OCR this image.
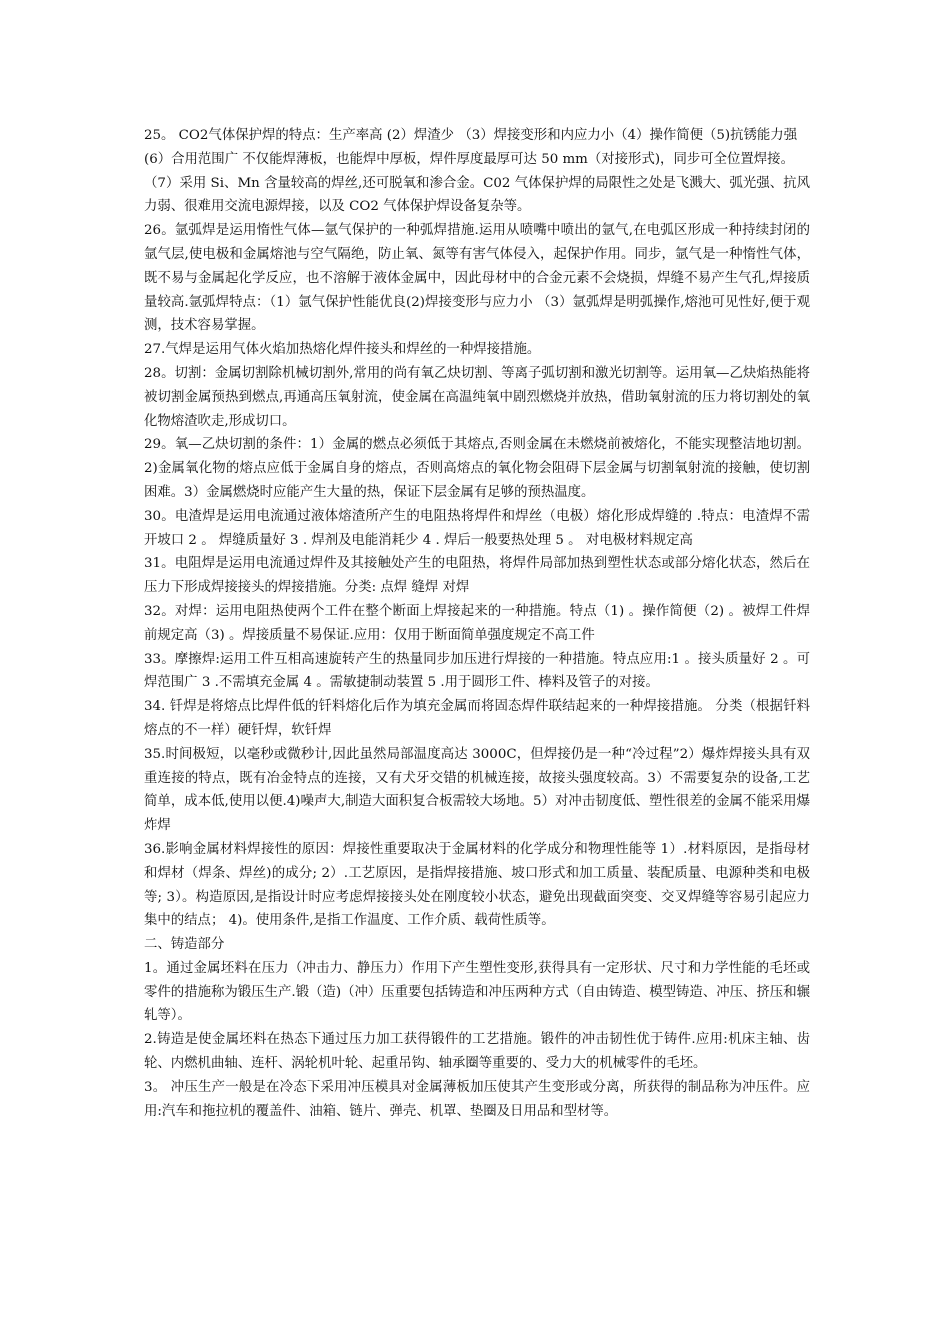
25。 CO2气体保护焊的特点：生产率高 (2）焊渣少 （3）焊接变形和内应力小（4）操作简便（5)抗锈能力强

(6）合用范围广 不仅能焊薄板，也能焊中厚板，焊件厚度最厚可达 50 mm（对接形式)，同步可全位置焊接。

（7）采用 Si、Mn 含量较高的焊丝,还可脱氧和渗合金。C02 气体保护焊的局限性之处是飞溅大、弧光强、抗风力弱、很难用交流电源焊接，以及 CO2 气体保护焊设备复杂等。

26。氩弧焊是运用惰性气体—氩气保护的一种弧焊措施.运用从喷嘴中喷出的氩气,在电弧区形成一种持续封闭的氩气层,使电极和金属熔池与空气隔绝，防止氧、氮等有害气体侵入，起保护作用。同步，氩气是一种惰性气体，既不易与金属起化学反应，也不溶解于液体金属中，因此母材中的合金元素不会烧损，焊缝不易产生气孔,焊接质量较高.氩弧焊特点：（1）氩气保护性能优良(2)焊接变形与应力小 （3）氩弧焊是明弧操作,熔池可见性好,便于观测，技术容易掌握。

27.气焊是运用气体火焰加热熔化焊件接头和焊丝的一种焊接措施。

28。切割：金属切割除机械切割外,常用的尚有氧乙炔切割、等离子弧切割和激光切割等。运用氧—乙炔焰热能将被切割金属预热到燃点,再通高压氧射流，使金属在高温纯氧中剧烈燃烧并放热，借助氧射流的压力将切割处的氧化物熔渣吹走,形成切口。

29。氧—乙炔切割的条件：1）金属的燃点必须低于其熔点,否则金属在未燃烧前被熔化，不能实现整洁地切割。2)金属氧化物的熔点应低于金属自身的熔点，否则高熔点的氧化物会阻碍下层金属与切割氧射流的接触，使切割困难。3）金属燃烧时应能产生大量的热，保证下层金属有足够的预热温度。

30。电渣焊是运用电流通过液体熔渣所产生的电阻热将焊件和焊丝（电极）熔化形成焊缝的 .特点：电渣焊不需开坡口 2 。 焊缝质量好 3 . 焊剂及电能消耗少 4 . 焊后一般要热处理 5 。 对电极材料规定高

31。电阻焊是运用电流通过焊件及其接触处产生的电阻热，将焊件局部加热到塑性状态或部分熔化状态，然后在压力下形成焊接接头的焊接措施。分类: 点焊 缝焊 对焊

32。对焊：运用电阻热使两个工件在整个断面上焊接起来的一种措施。特点（1) 。操作简便（2) 。被焊工件焊前规定高（3) 。焊接质量不易保证.应用：仅用于断面简单强度规定不高工件

33。摩擦焊:运用工件互相高速旋转产生的热量同步加压进行焊接的一种措施。特点应用:1 。接头质量好 2 。可焊范围广 3 .不需填充金属 4 。需敏捷制动装置 5 .用于圆形工件、棒料及管子的对接。

34. 钎焊是将熔点比焊件低的钎料熔化后作为填充金属而将固态焊件联结起来的一种焊接措施。 分类（根据钎料熔点的不一样）硬钎焊，软钎焊

35.时间极短，以毫秒或微秒计,因此虽然局部温度高达 3000C，但焊接仍是一种“冷过程”2）爆炸焊接头具有双重连接的特点，既有冶金特点的连接，又有犬牙交错的机械连接，故接头强度较高。3）不需要复杂的设备,工艺简单，成本低,使用以便.4)噪声大,制造大面积复合板需较大场地。5）对冲击韧度低、塑性很差的金属不能采用爆炸焊

36.影响金属材料焊接性的原因：焊接性重要取决于金属材料的化学成分和物理性能等 1）.材料原因，是指母材和焊材（焊条、焊丝)的成分; 2）.工艺原因，是指焊接措施、坡口形式和加工质量、装配质量、电源种类和电极等; 3）。构造原因,是指设计时应考虑焊接接头处在刚度较小状态，避免出现截面突变、交叉焊缝等容易引起应力集中的结点； 4)。使用条件,是指工作温度、工作介质、载荷性质等。

二、铸造部分

1。通过金属坯料在压力（冲击力、静压力）作用下产生塑性变形,获得具有一定形状、尺寸和力学性能的毛坯或零件的措施称为锻压生产.锻（造)（冲）压重要包括铸造和冲压两种方式（自由铸造、模型铸造、冲压、挤压和辗轧等）。

2.铸造是使金属坯料在热态下通过压力加工获得锻件的工艺措施。锻件的冲击韧性优于铸件.应用:机床主轴、齿轮、内燃机曲轴、连杆、涡轮机叶轮、起重吊钩、轴承圈等重要的、受力大的机械零件的毛坯。

3。 冲压生产一般是在冷态下采用冲压模具对金属薄板加压使其产生变形或分离，所获得的制品称为冲压件。应用:汽车和拖拉机的覆盖件、油箱、链片、弹壳、机罩、垫圈及日用品和型材等。
